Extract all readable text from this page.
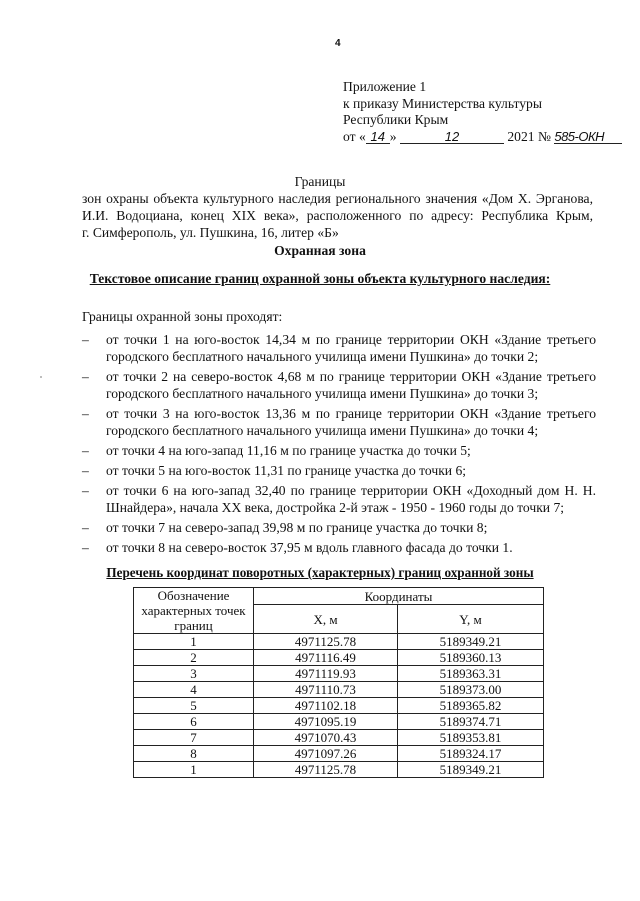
4
Приложение 1
к приказу Министерства культуры
Республики Крым
от « 14 »	12	2021 № 585-ОКН
Границы
зон охраны объекта культурного наследия регионального значения «Дом Х. Эрганова,
И.И. Водоциана, конец XIX века», расположенного по адресу: Республика Крым,
г. Симферополь, ул. Пушкина, 16, литер «Б»
Охранная зона
Текстовое описание границ охранной зоны объекта культурного наследия:
Границы охранной зоны проходят:
– от точки 1 на юго-восток 14,34 м по границе территории ОКН «Здание третьего городского бесплатного начального училища имени Пушкина» до точки 2;
– от точки 2 на северо-восток 4,68 м по границе территории ОКН «Здание третьего городского бесплатного начального училища имени Пушкина» до точки 3;
– от точки 3 на юго-восток 13,36 м по границе территории ОКН «Здание третьего городского бесплатного начального училища имени Пушкина» до точки 4;
– от точки 4 на юго-запад 11,16 м по границе участка до точки 5;
– от точки 5 на юго-восток 11,31 по границе участка до точки 6;
– от точки 6 на юго-запад 32,40 по границе территории ОКН «Доходный дом Н. Н. Шнайдера», начала XX века, достройка 2-й этаж - 1950 - 1960 годы до точки 7;
– от точки 7 на северо-запад 39,98 м по границе участка до точки 8;
– от точки 8 на северо-восток 37,95 м вдоль главного фасада до точки 1.
Перечень координат поворотных (характерных) границ охранной зоны
Обозначение характерных точек границ	Координаты	
	X, м	Y, м
1	4971125.78	5189349.21
2	4971116.49	5189360.13
3	4971119.93	5189363.31
4	4971110.73	5189373.00
5	4971102.18	5189365.82
6	4971095.19	5189374.71
7	4971070.43	5189353.81
8	4971097.26	5189324.17
1	4971125.78	5189349.21
